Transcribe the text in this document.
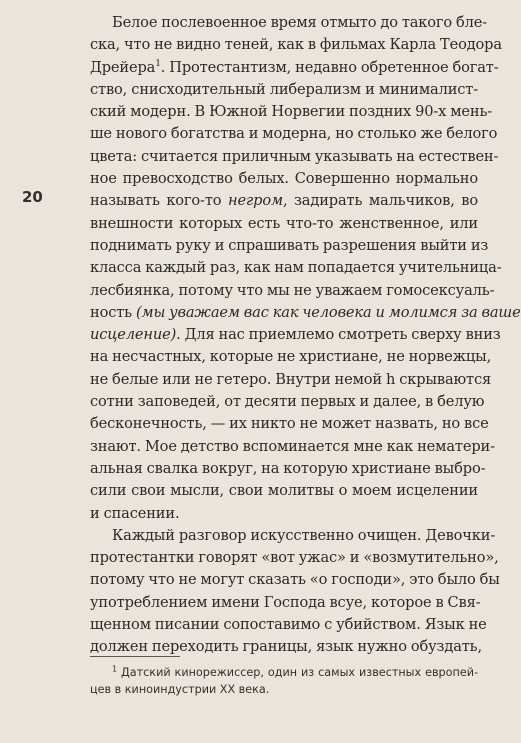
20
Белое послевоенное время отмыто до такого бле-
ска, что не видно теней, как в фильмах Карла Теодора
Дрейера$^1$. Протестантизм, недавно обретенное богат-
ство, снисходительный либерализм и минималист-
ский модерн. В Южной Норвегии поздних 90-х мень-
ше нового богатства и модерна, но столько же белого
цвета: считается приличным указывать на естествен-
ное превосходство белых. Совершенно нормально
называть кого-то негром, задирать мальчиков, во
внешности которых есть что-то женственное, или
поднимать руку и спрашивать разрешения выйти из
класса каждый раз, как нам попадается учительница-
лесбиянка, потому что мы не уважаем гомосексуаль-
ность (мы уважаем вас как человека и молимся за ваше
исцеление). Для нас приемлемо смотреть сверху вниз
на несчастных, которые не христиане, не норвежцы,
не белые или не гетеро. Внутри немой h скрываются
сотни заповедей, от десяти первых и далее, в белую
бесконечность, — их никто не может назвать, но все
знают. Мое детство вспоминается мне как нематери-
альная свалка вокруг, на которую христиане выбро-
сили свои мысли, свои молитвы о моем исцелении
и спасении.
Каждый разговор искусственно очищен. Девочки-
протестантки говорят «вот ужас» и «возмутительно»,
потому что не могут сказать «о господи», это было бы
употреблением имени Господа всуе, которое в Свя-
щенном писании сопоставимо с убийством. Язык не
должен переходить границы, язык нужно обуздать,
$^1$ Датский кинорежиссер, один из самых известных европей-
цев в киноиндустрии XX века.
